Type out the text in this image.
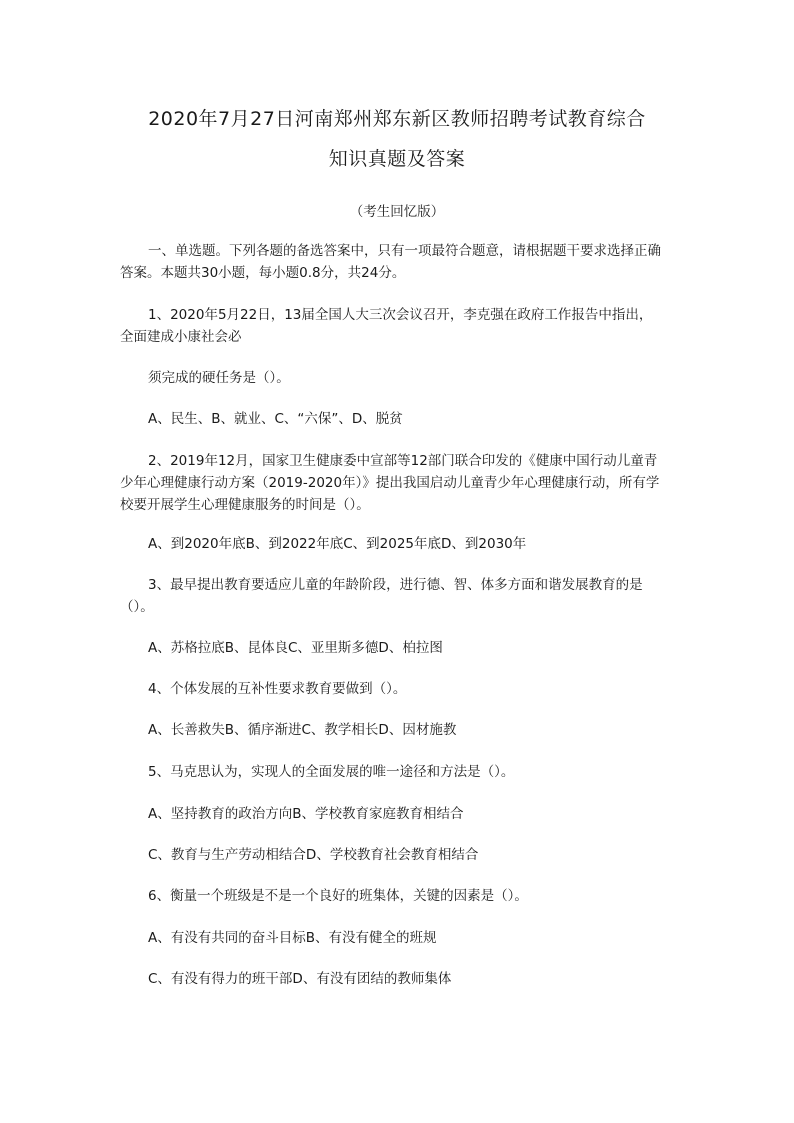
2020年7月27日河南郑州郑东新区教师招聘考试教育综合
知识真题及答案
（考生回忆版）

一、单选题。下列各题的备选答案中，只有一项最符合题意，请根据题干要求选择正确答案。本题共30小题，每小题0.8分，共24分。

1、2020年5月22日，13届全国人大三次会议召开，李克强在政府工作报告中指出，全面建成小康社会必

须完成的硬任务是（）。

A、民生、B、就业、C、“六保”、D、脱贫

2、2019年12月，国家卫生健康委中宣部等12部门联合印发的《健康中国行动儿童青少年心理健康行动方案（2019-2020年）》提出我国启动儿童青少年心理健康行动，所有学校要开展学生心理健康服务的时间是（）。

A、到2020年底B、到2022年底C、到2025年底D、到2030年

3、最早提出教育要适应儿童的年龄阶段，进行德、智、体多方面和谐发展教育的是（）。

A、苏格拉底B、昆体良C、亚里斯多德D、柏拉图

4、个体发展的互补性要求教育要做到（）。

A、长善救失B、循序渐进C、教学相长D、因材施教

5、马克思认为，实现人的全面发展的唯一途径和方法是（）。

A、坚持教育的政治方向B、学校教育家庭教育相结合

C、教育与生产劳动相结合D、学校教育社会教育相结合

6、衡量一个班级是不是一个良好的班集体，关键的因素是（）。

A、有没有共同的奋斗目标B、有没有健全的班规

C、有没有得力的班干部D、有没有团结的教师集体
